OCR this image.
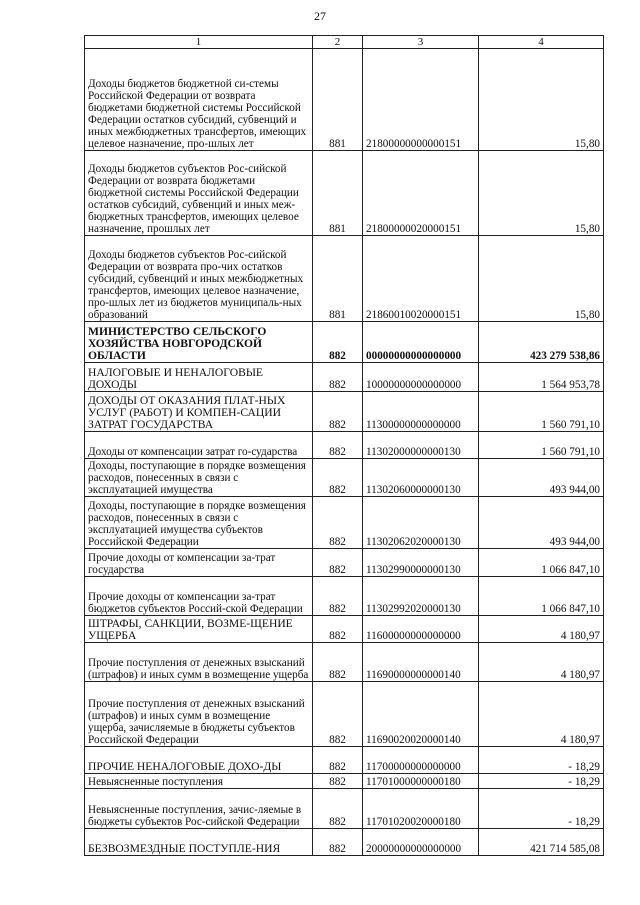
27
1	2	3	4
Доходы бюджетов бюджетной си-стемы Российской Федерации от возврата бюджетами бюджетной системы Российской Федерации остатков субсидий, субвенций и иных межбюджетных трансфертов, имеющих целевое назначение, про-шлых лет	881	21800000000000151	15,80
Доходы бюджетов субъектов Рос-сийской Федерации от возврата бюджетами бюджетной системы Российской Федерации остатков субсидий, субвенций и иных меж-бюджетных трансфертов, имеющих целевое назначение, прошлых лет	881	21800000020000151	15,80
Доходы бюджетов субъектов Рос-сийской Федерации от возврата про-чих остатков субсидий, субвенций и иных межбюджетных трансфертов, имеющих целевое назначение, про-шлых лет из бюджетов муниципаль-ных образований	881	21860010020000151	15,80
МИНИСТЕРСТВО СЕЛЬСКОГО ХОЗЯЙСТВА НОВГОРОДСКОЙ ОБЛАСТИ	882	00000000000000000	423 279 538,86
НАЛОГОВЫЕ И НЕНАЛОГОВЫЕ ДОХОДЫ	882	10000000000000000	1 564 953,78
ДОХОДЫ ОТ ОКАЗАНИЯ ПЛАТ-НЫХ УСЛУГ (РАБОТ) И КОМПЕН-САЦИИ ЗАТРАТ ГОСУДАРСТВА	882	11300000000000000	1 560 791,10
Доходы от компенсации затрат го-сударства	882	11302000000000130	1 560 791,10
Доходы, поступающие в порядке возмещения расходов, понесенных в связи с эксплуатацией имущества	882	11302060000000130	493 944,00
Доходы, поступающие в порядке возмещения расходов, понесенных в связи с эксплуатацией имущества субъектов Российской Федерации	882	11302062020000130	493 944,00
Прочие доходы от компенсации за-трат государства	882	11302990000000130	1 066 847,10
Прочие доходы от компенсации за-трат бюджетов субъектов Россий-ской Федерации	882	11302992020000130	1 066 847,10
ШТРАФЫ, САНКЦИИ, ВОЗМЕ-ЩЕНИЕ УЩЕРБА	882	11600000000000000	4 180,97
Прочие поступления от денежных взысканий (штрафов) и иных сумм в возмещение ущерба	882	11690000000000140	4 180,97
Прочие поступления от денежных взысканий (штрафов) и иных сумм в возмещение ущерба, зачисляемые в бюджеты субъектов Российской Федерации	882	11690020020000140	4 180,97
ПРОЧИЕ НЕНАЛОГОВЫЕ ДОХО-ДЫ	882	11700000000000000	- 18,29
Невыясненные поступления	882	11701000000000180	- 18,29
Невыясненные поступления, зачис-ляемые в бюджеты субъектов Рос-сийской Федерации	882	11701020020000180	- 18,29
БЕЗВОЗМЕЗДНЫЕ ПОСТУПЛЕ-НИЯ	882	20000000000000000	421 714 585,08
